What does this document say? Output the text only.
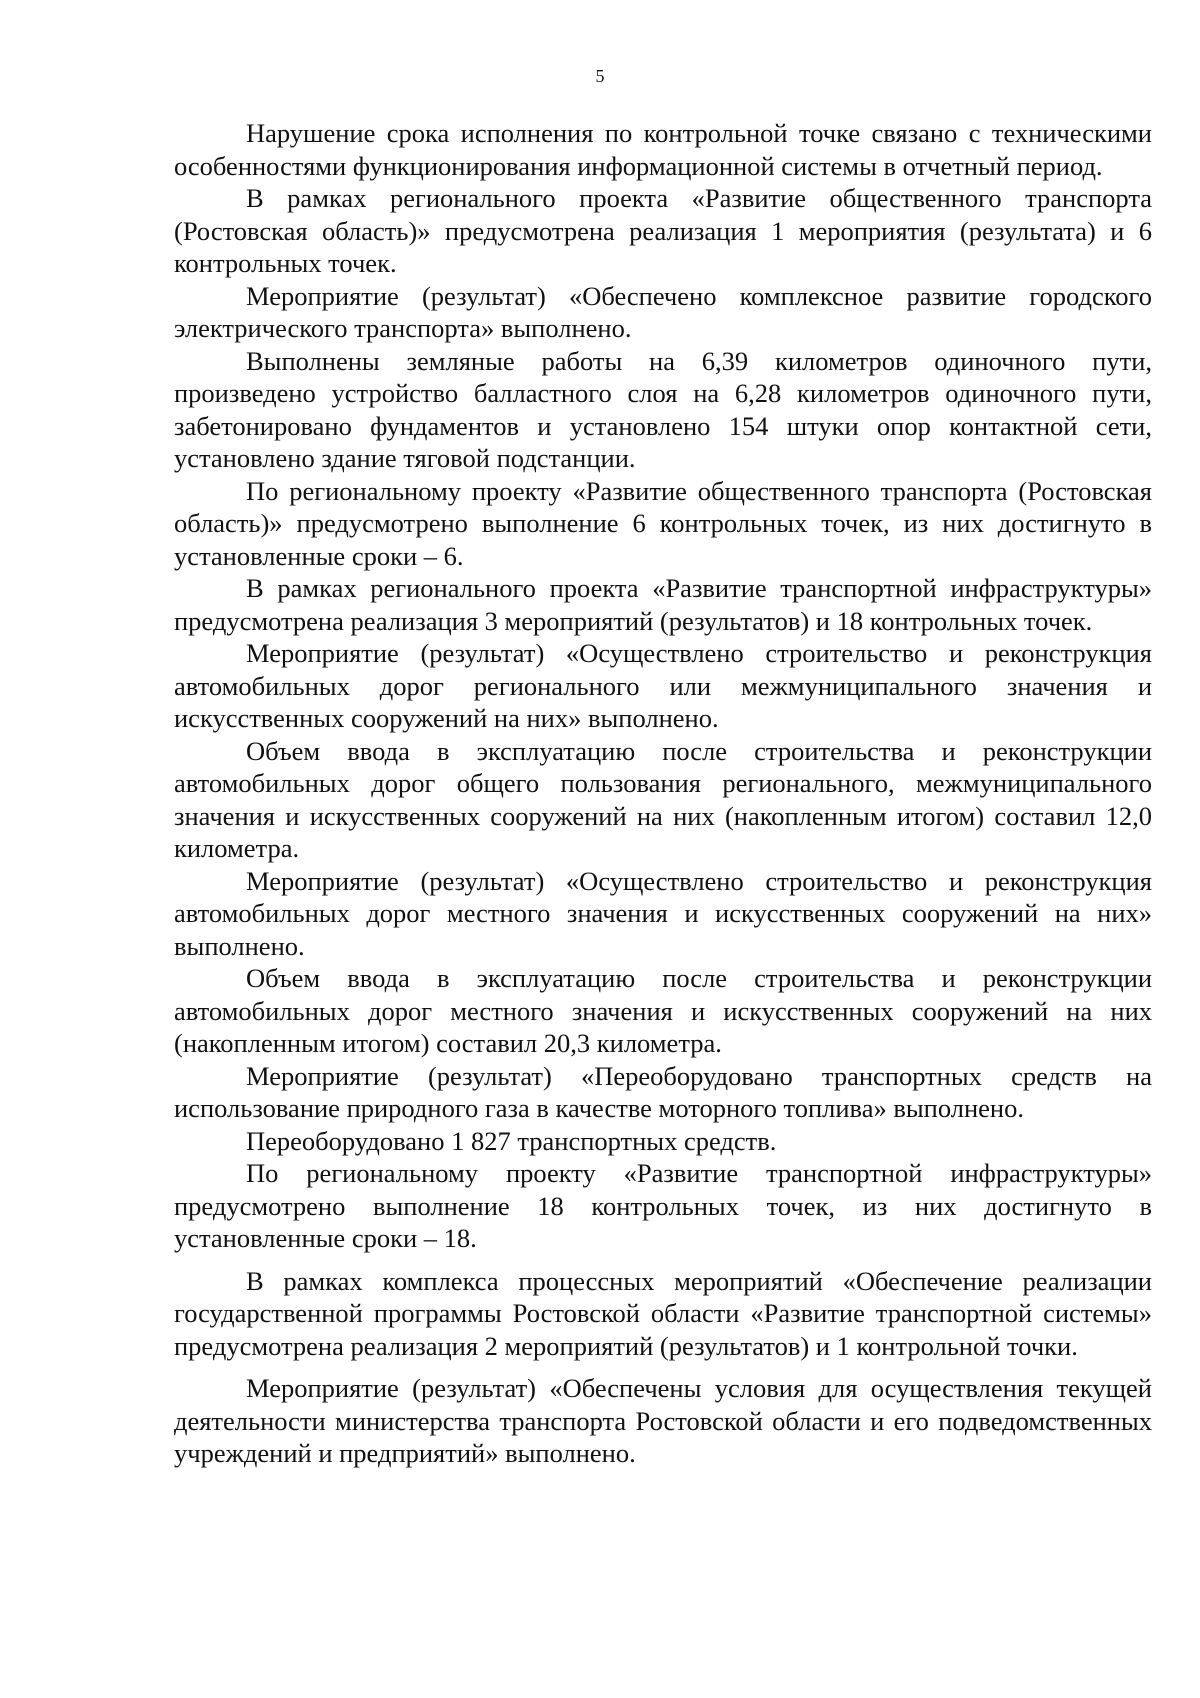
5

Нарушение срока исполнения по контрольной точке связано с техническими особенностями функционирования информационной системы в отчетный период.

В рамках регионального проекта «Развитие общественного транспорта (Ростовская область)» предусмотрена реализация 1 мероприятия (результата) и 6 контрольных точек.

Мероприятие (результат) «Обеспечено комплексное развитие городского электрического транспорта» выполнено.

Выполнены земляные работы на 6,39 километров одиночного пути, произведено устройство балластного слоя на 6,28 километров одиночного пути, забетонировано фундаментов и установлено 154 штуки опор контактной сети, установлено здание тяговой подстанции.

По региональному проекту «Развитие общественного транспорта (Ростовская область)» предусмотрено выполнение 6 контрольных точек, из них достигнуто в установленные сроки – 6.

В рамках регионального проекта «Развитие транспортной инфраструктуры» предусмотрена реализация 3 мероприятий (результатов) и 18 контрольных точек.

Мероприятие (результат) «Осуществлено строительство и реконструкция автомобильных дорог регионального или межмуниципального значения и искусственных сооружений на них» выполнено.

Объем ввода в эксплуатацию после строительства и реконструкции автомобильных дорог общего пользования регионального, межмуниципального значения и искусственных сооружений на них (накопленным итогом) составил 12,0 километра.

Мероприятие (результат) «Осуществлено строительство и реконструкция автомобильных дорог местного значения и искусственных сооружений на них» выполнено.

Объем ввода в эксплуатацию после строительства и реконструкции автомобильных дорог местного значения и искусственных сооружений на них (накопленным итогом) составил 20,3 километра.

Мероприятие (результат) «Переоборудовано транспортных средств на использование природного газа в качестве моторного топлива» выполнено.

Переоборудовано 1 827 транспортных средств.

По региональному проекту «Развитие транспортной инфраструктуры» предусмотрено выполнение 18 контрольных точек, из них достигнуто в установленные сроки – 18.

В рамках комплекса процессных мероприятий «Обеспечение реализации государственной программы Ростовской области «Развитие транспортной системы» предусмотрена реализация 2 мероприятий (результатов) и 1 контрольной точки.

Мероприятие (результат) «Обеспечены условия для осуществления текущей деятельности министерства транспорта Ростовской области и его подведомственных учреждений и предприятий» выполнено.
